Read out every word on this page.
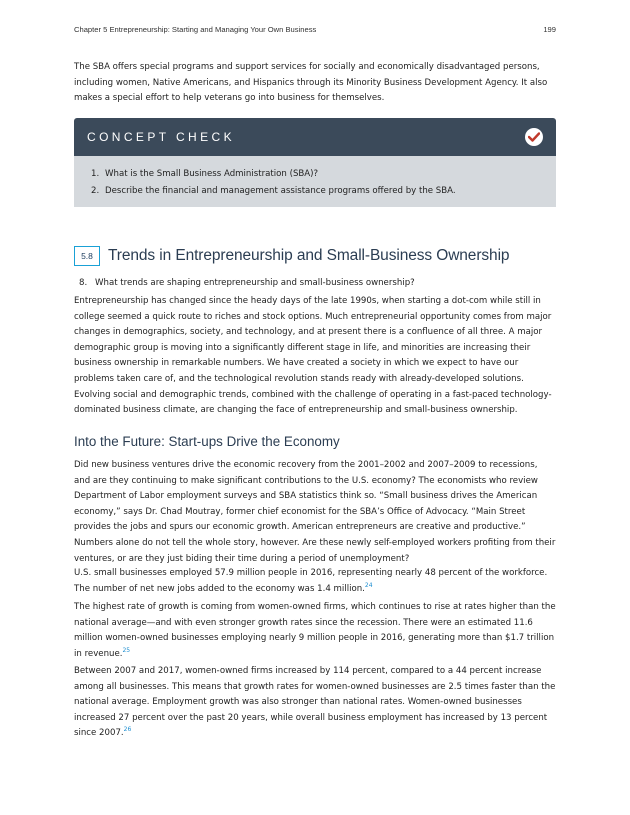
Chapter 5 Entrepreneurship: Starting and Managing Your Own Business	199

The SBA offers special programs and support services for socially and economically disadvantaged persons, including women, Native Americans, and Hispanics through its Minority Business Development Agency. It also makes a special effort to help veterans go into business for themselves.

CONCEPT CHECK
1. What is the Small Business Administration (SBA)?
2. Describe the financial and management assistance programs offered by the SBA.
5.8 Trends in Entrepreneurship and Small-Business Ownership
8. What trends are shaping entrepreneurship and small-business ownership?

Entrepreneurship has changed since the heady days of the late 1990s, when starting a dot-com while still in college seemed a quick route to riches and stock options. Much entrepreneurial opportunity comes from major changes in demographics, society, and technology, and at present there is a confluence of all three. A major demographic group is moving into a significantly different stage in life, and minorities are increasing their business ownership in remarkable numbers. We have created a society in which we expect to have our problems taken care of, and the technological revolution stands ready with already-developed solutions. Evolving social and demographic trends, combined with the challenge of operating in a fast-paced technology-dominated business climate, are changing the face of entrepreneurship and small-business ownership.

Into the Future: Start-ups Drive the Economy

Did new business ventures drive the economic recovery from the 2001–2002 and 2007–2009 to recessions, and are they continuing to make significant contributions to the U.S. economy? The economists who review Department of Labor employment surveys and SBA statistics think so. “Small business drives the American economy,” says Dr. Chad Moutray, former chief economist for the SBA’s Office of Advocacy. “Main Street provides the jobs and spurs our economic growth. American entrepreneurs are creative and productive.” Numbers alone do not tell the whole story, however. Are these newly self-employed workers profiting from their ventures, or are they just biding their time during a period of unemployment?

U.S. small businesses employed 57.9 million people in 2016, representing nearly 48 percent of the workforce. The number of net new jobs added to the economy was 1.4 million.$^{24}$

The highest rate of growth is coming from women-owned firms, which continues to rise at rates higher than the national average—and with even stronger growth rates since the recession. There were an estimated 11.6 million women-owned businesses employing nearly 9 million people in 2016, generating more than $1.7 trillion in revenue.$^{25}$

Between 2007 and 2017, women-owned firms increased by 114 percent, compared to a 44 percent increase among all businesses. This means that growth rates for women-owned businesses are 2.5 times faster than the national average. Employment growth was also stronger than national rates. Women-owned businesses increased 27 percent over the past 20 years, while overall business employment has increased by 13 percent since 2007.26
